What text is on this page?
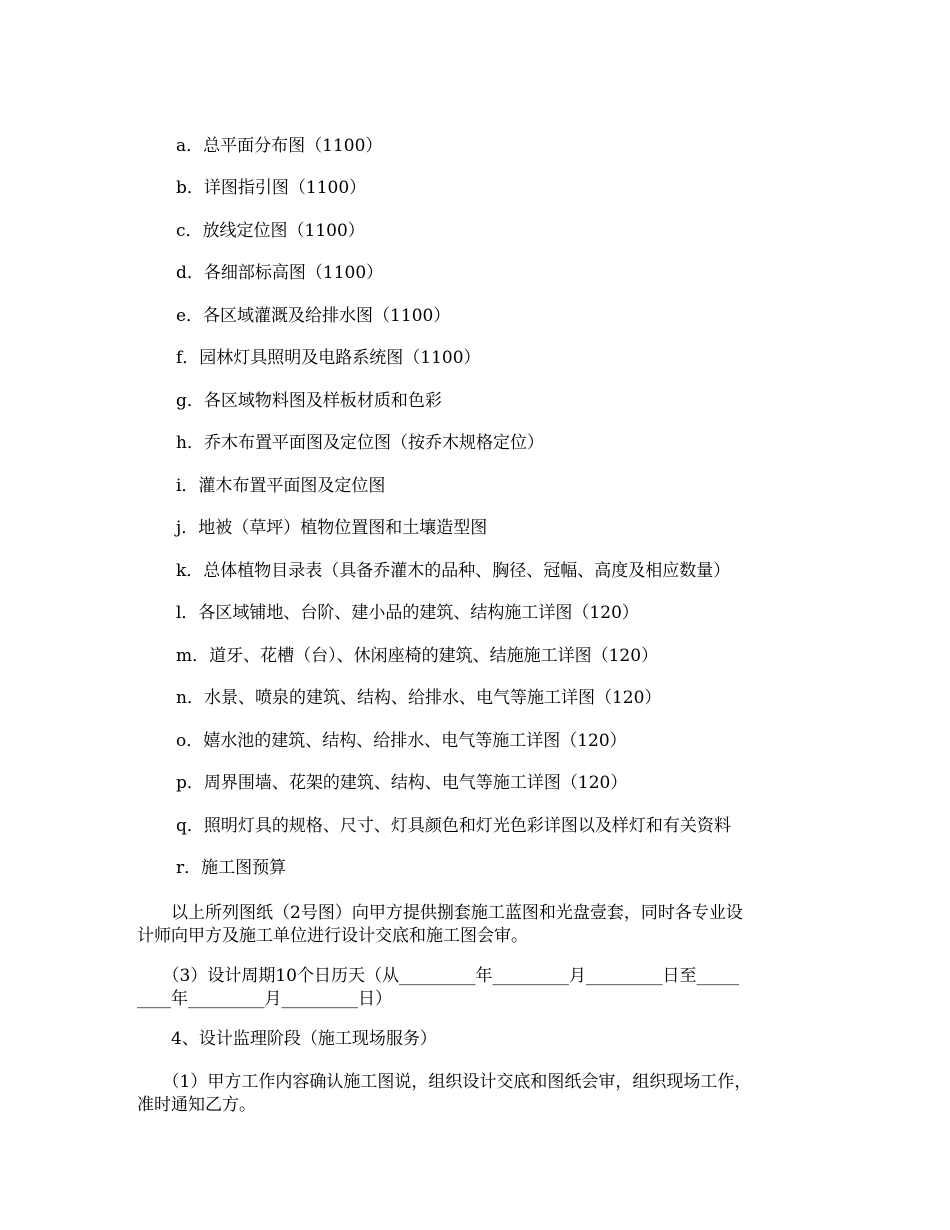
a．总平面分布图（1100）
b．详图指引图（1100）
c．放线定位图（1100）
d．各细部标高图（1100）
e．各区域灌溉及给排水图（1100）
f．园林灯具照明及电路系统图（1100）
g．各区域物料图及样板材质和色彩
h．乔木布置平面图及定位图（按乔木规格定位）
i．灌木布置平面图及定位图
j．地被（草坪）植物位置图和土壤造型图
k．总体植物目录表（具备乔灌木的品种、胸径、冠幅、高度及相应数量）
l．各区域铺地、台阶、建小品的建筑、结构施工详图（120）
m．道牙、花槽（台）、休闲座椅的建筑、结施施工详图（120）
n．水景、喷泉的建筑、结构、给排水、电气等施工详图（120）
o．嬉水池的建筑、结构、给排水、电气等施工详图（120）
p．周界围墙、花架的建筑、结构、电气等施工详图（120）
q．照明灯具的规格、尺寸、灯具颜色和灯光色彩详图以及样灯和有关资料
r．施工图预算
　　以上所列图纸（2号图）向甲方提供捌套施工蓝图和光盘壹套，同时各专业设
计师向甲方及施工单位进行设计交底和施工图会审。
　　（3）设计周期10个日历天（从_________年_________月_________日至_____
____年_________月_________日）
　　4、设计监理阶段（施工现场服务）
　　（1）甲方工作内容确认施工图说，组织设计交底和图纸会审，组织现场工作，
准时通知乙方。
